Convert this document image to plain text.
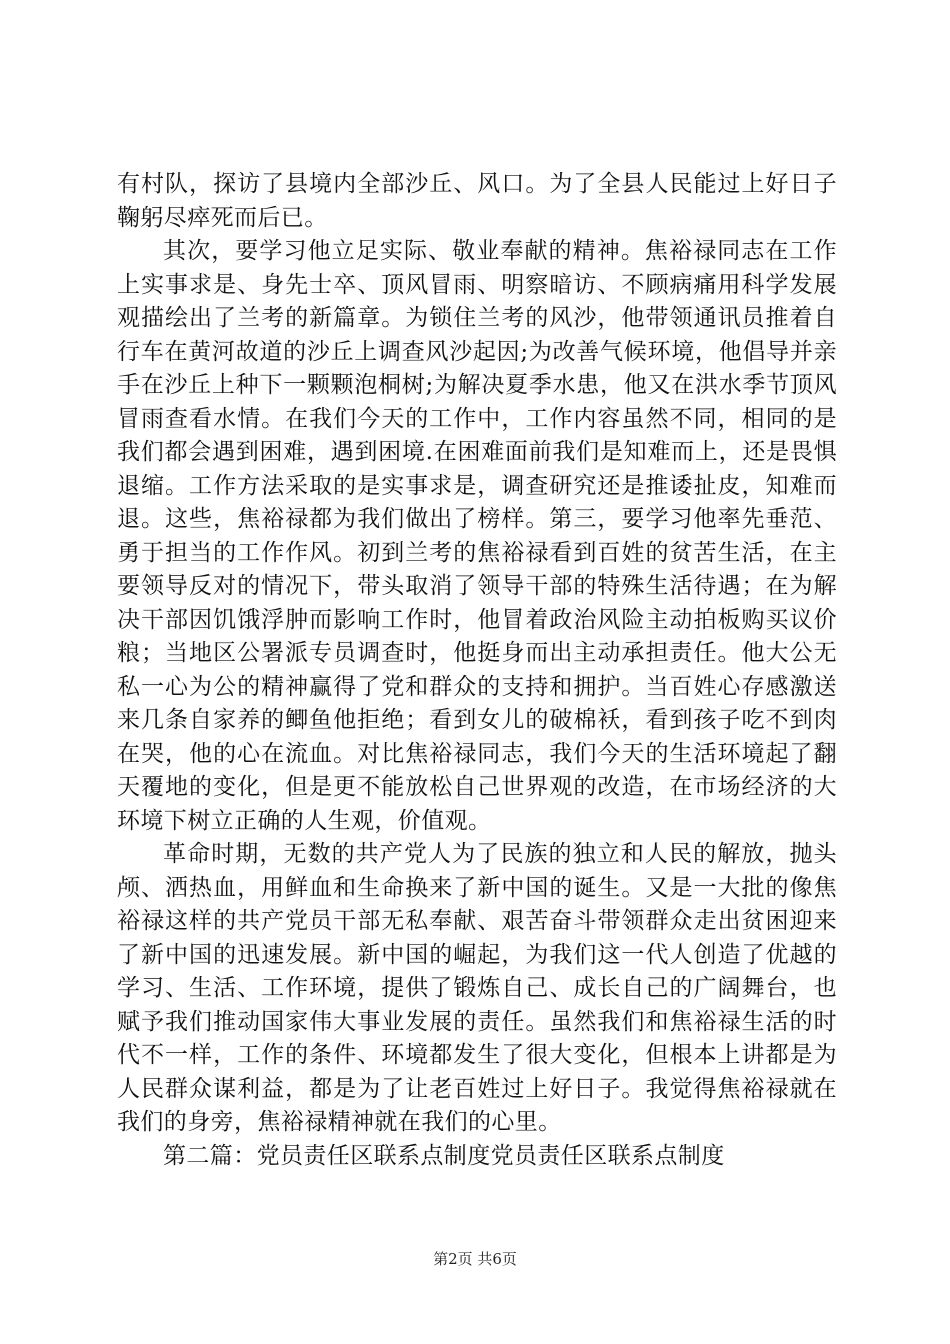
有村队，探访了县境内全部沙丘、风口。为了全县人民能过上好日子鞠躬尽瘁死而后已。

其次，要学习他立足实际、敬业奉献的精神。焦裕禄同志在工作上实事求是、身先士卒、顶风冒雨、明察暗访、不顾病痛用科学发展观描绘出了兰考的新篇章。为锁住兰考的风沙，他带领通讯员推着自行车在黄河故道的沙丘上调查风沙起因;为改善气候环境，他倡导并亲手在沙丘上种下一颗颗泡桐树;为解决夏季水患，他又在洪水季节顶风冒雨查看水情。在我们今天的工作中，工作内容虽然不同，相同的是我们都会遇到困难，遇到困境.在困难面前我们是知难而上，还是畏惧退缩。工作方法采取的是实事求是，调查研究还是推诿扯皮，知难而退。这些，焦裕禄都为我们做出了榜样。第三，要学习他率先垂范、勇于担当的工作作风。初到兰考的焦裕禄看到百姓的贫苦生活，在主要领导反对的情况下，带头取消了领导干部的特殊生活待遇；在为解决干部因饥饿浮肿而影响工作时，他冒着政治风险主动拍板购买议价粮；当地区公署派专员调查时，他挺身而出主动承担责任。他大公无私一心为公的精神赢得了党和群众的支持和拥护。当百姓心存感激送来几条自家养的鲫鱼他拒绝；看到女儿的破棉袄，看到孩子吃不到肉在哭，他的心在流血。对比焦裕禄同志，我们今天的生活环境起了翻天覆地的变化，但是更不能放松自己世界观的改造，在市场经济的大环境下树立正确的人生观，价值观。

革命时期，无数的共产党人为了民族的独立和人民的解放，抛头颅、洒热血，用鲜血和生命换来了新中国的诞生。又是一大批的像焦裕禄这样的共产党员干部无私奉献、艰苦奋斗带领群众走出贫困迎来了新中国的迅速发展。新中国的崛起，为我们这一代人创造了优越的学习、生活、工作环境，提供了锻炼自己、成长自己的广阔舞台，也赋予我们推动国家伟大事业发展的责任。虽然我们和焦裕禄生活的时代不一样，工作的条件、环境都发生了很大变化，但根本上讲都是为人民群众谋利益，都是为了让老百姓过上好日子。我觉得焦裕禄就在我们的身旁，焦裕禄精神就在我们的心里。

第二篇：党员责任区联系点制度党员责任区联系点制度

第2页 共6页
